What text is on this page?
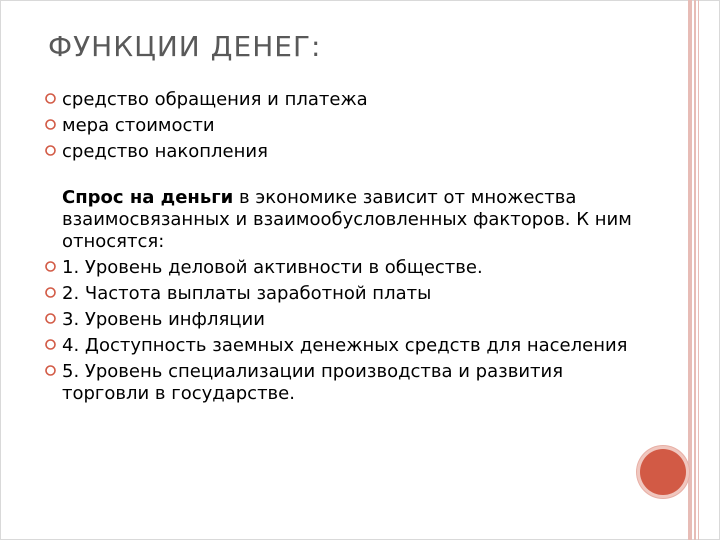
ФУНКЦИИ ДЕНЕГ:
средство обращения и платежа
мера стоимости
средство накопления
Спрос на деньги в экономике зависит от множества взаимосвязанных и взаимообусловленных факторов. К ним относятся:
1. Уровень деловой активности в обществе.
2. Частота выплаты заработной платы
3. Уровень инфляции
4. Доступность заемных денежных средств для населения
5. Уровень специализации производства и развития торговли в государстве.
